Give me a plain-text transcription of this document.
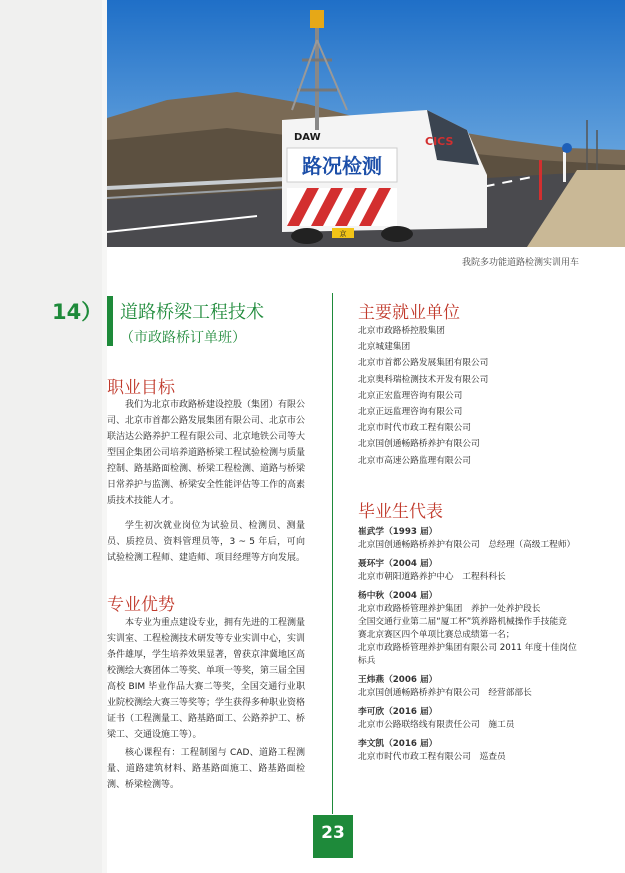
京
DAW
路况检测
CICS
我院多功能道路检测实训用车
14） 道路桥梁工程技术
（市政路桥订单班）
职业目标

我们为北京市政路桥建设控股（集团）有限公司、北京市首都公路发展集团有限公司、北京市公联洁达公路养护工程有限公司、北京地铁公司等大型国企集团公司培养道路桥梁工程试验检测与质量控制、路基路面检测、桥梁工程检测、道路与桥梁日常养护与监测、桥梁安全性能评估等工作的高素质技术技能人才。

学生初次就业岗位为试验员、检测员、测量员、质控员、资料管理员等，3 ~ 5 年后，可向试验检测工程师、建造师、项目经理等方向发展。

专业优势

本专业为重点建设专业，拥有先进的工程测量实训室、工程检测技术研发等专业实训中心，实训条件雄厚，学生培养效果显著，曾获京津冀地区高校测绘大赛团体二等奖、单项一等奖，第三届全国高校 BIM 毕业作品大赛二等奖，全国交通行业职业院校测绘大赛三等奖等；学生获得多种职业资格证书（工程测量工、路基路面工、公路养护工、桥梁工、交通设施工等）。

核心课程有：工程制图与 CAD、道路工程测量、道路建筑材料、路基路面施工、路基路面检测、桥梁检测等。

主要就业单位
北京市政路桥控股集团
北京城建集团
北京市首都公路发展集团有限公司
北京奥科瑞检测技术开发有限公司
北京正宏监理咨询有限公司
北京正远监理咨询有限公司
北京市时代市政工程有限公司
北京国创通畅路桥养护有限公司
北京市高速公路监理有限公司
毕业生代表
崔武学（1993 届）
北京国创通畅路桥养护有限公司　总经理（高级工程师）
聂环宇（2004 届）
北京市朝阳道路养护中心　工程科科长
杨中秋（2004 届）
北京市政路桥管理养护集团　养护一处养护段长
全国交通行业第二届“厦工杯”筑养路机械操作手技能竞
赛北京赛区四个单项比赛总成绩第一名；
北京市政路桥管理养护集团有限公司 2011 年度十佳岗位
标兵
王炜燕（2006 届）
北京国创通畅路桥养护有限公司　经营部部长
李可欣（2016 届）
北京市公路联络线有限责任公司　施工员
李文凯（2016 届）
北京市时代市政工程有限公司　巡查员
23
